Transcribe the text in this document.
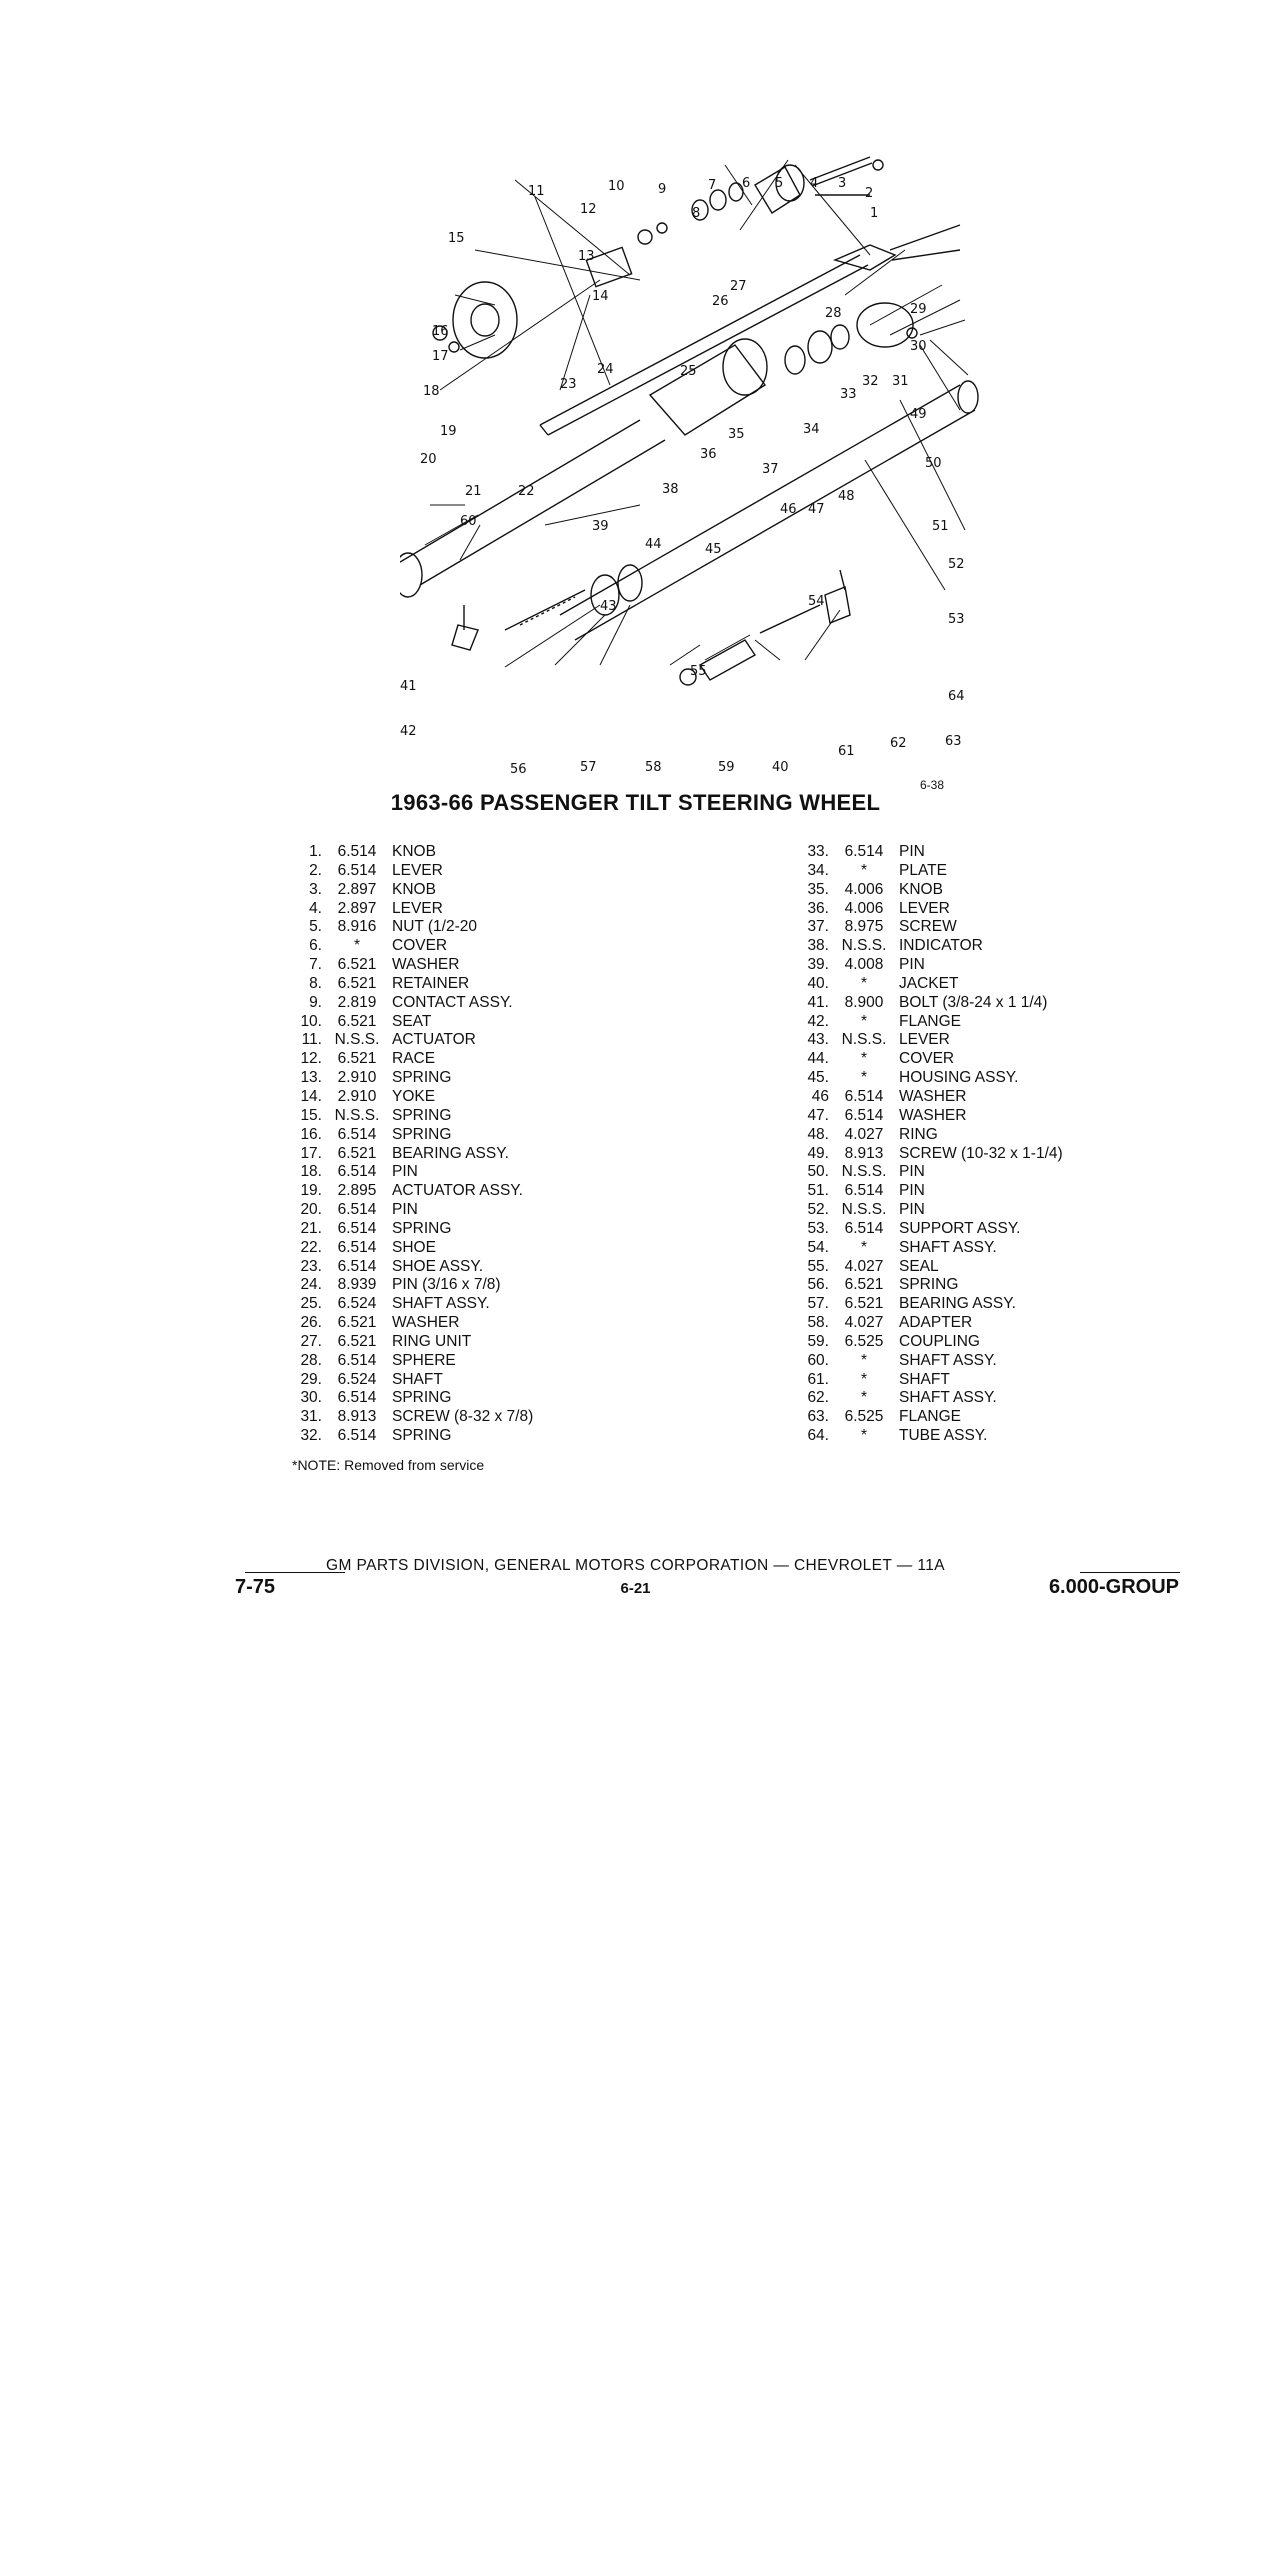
11	10	9	7 6 5 4 3
2
1
12	8
15
13
27
26
14
28	29
16
30
17
24	25
32 31
23
18	33
49
19	34
35
20	36
50
37
21	22	38	48
46 47
51
39
60
44	45
52
53
43	54
55
41
64
63
42
62
61
56	57	58	59	40
6-38
1963-66 PASSENGER TILT STEERING WHEEL
1.	6.514	KNOB
2.	6.514	LEVER
3.	2.897	KNOB
4.	2.897	LEVER
5.	8.916	NUT (1/2-20
6.	*	COVER
7.	6.521	WASHER
8.	6.521	RETAINER
9.	2.819	CONTACT ASSY.
10.	6.521	SEAT
11. N.S.S. ACTUATOR
12.	6.521	RACE
13.	2.910	SPRING
14.	2.910	YOKE
15. N.S.S. SPRING
16.	6.514	SPRING
17.	6.521	BEARING ASSY.
18.	6.514	PIN
19.	2.895	ACTUATOR ASSY.
20.	6.514	PIN
21.	6.514	SPRING
22.	6.514	SHOE
23.	6.514	SHOE ASSY.
24.	8.939	PIN (3/16 x 7/8)
25.	6.524	SHAFT ASSY.
26.	6.521	WASHER
27.	6.521	RING UNIT
28.	6.514	SPHERE
29.	6.524	SHAFT
30.	6.514	SPRING
31.	8.913	SCREW (8-32 x 7/8)
32.	6.514	SPRING
33.	6.514	PIN
34.	*	PLATE
35.	4.006	KNOB
36.	4.006	LEVER
37.	8.975	SCREW
38. N.S.S. INDICATOR
39.	4.008	PIN
40.	*	JACKET
41.	8.900	BOLT (3/8-24 x 1 1/4)
42.	*	FLANGE
43. N.S.S. LEVER
44.	*	COVER
45.	*	HOUSING ASSY.
46	6.514	WASHER
47.	6.514	WASHER
48.	4.027	RING
49.	8.913	SCREW (10-32 x 1-1/4)
50. N.S.S. PIN
51.	6.514	PIN
52. N.S.S. PIN
53.	6.514	SUPPORT ASSY.
54.	*	SHAFT ASSY.
55.	4.027	SEAL
56.	6.521	SPRING
57.	6.521	BEARING ASSY.
58.	4.027	ADAPTER
59.	6.525	COUPLING
60.	*	SHAFT ASSY.
61.	*	SHAFT
62.	*	SHAFT ASSY.
63.	6.525	FLANGE
64.	*	TUBE ASSY.
*NOTE: Removed from service
GM PARTS DIVISION, GENERAL MOTORS CORPORATION — CHEVROLET — 11A
7-75	6-21	6.000-GROUP
